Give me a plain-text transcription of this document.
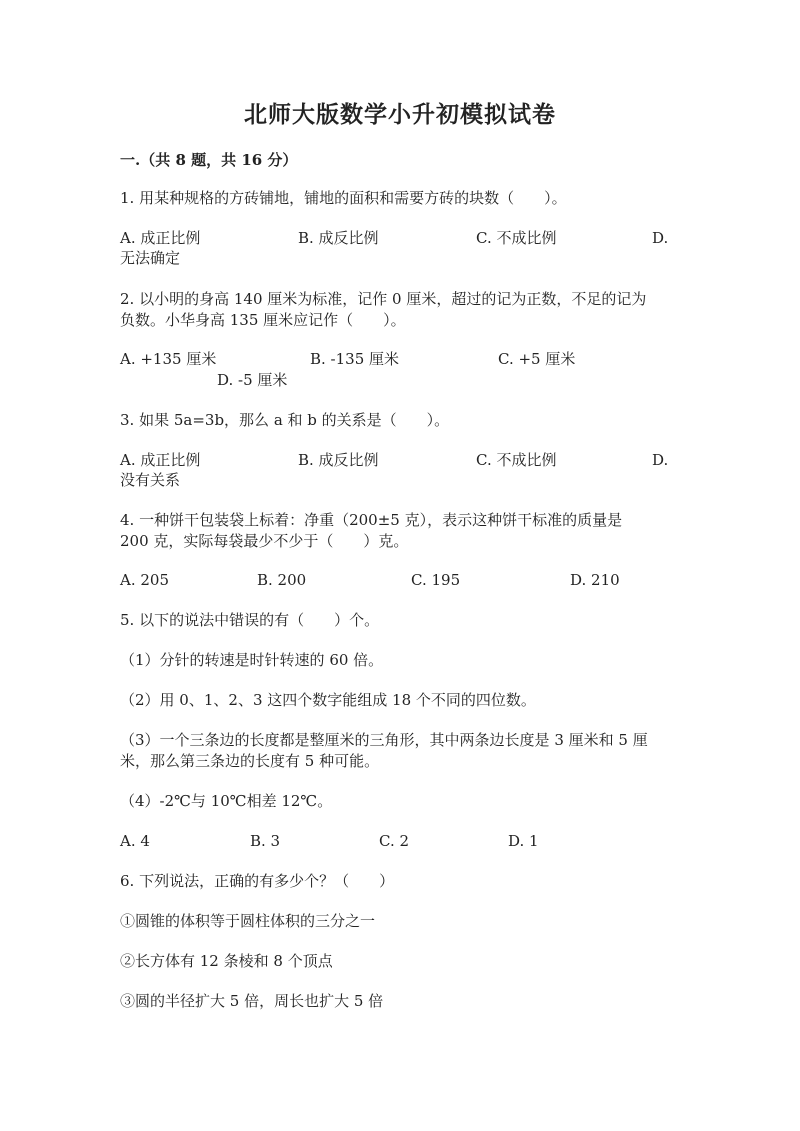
北师大版数学小升初模拟试卷
一.（共 8 题，共 16 分）
1. 用某种规格的方砖铺地，铺地的面积和需要方砖的块数（　　）。
A. 成正比例	B. 成反比例	C. 不成比例	D.
无法确定
2. 以小明的身高 140 厘米为标准，记作 0 厘米，超过的记为正数，不足的记为
负数。小华身高 135 厘米应记作（　　）。
A. +135 厘米	B. -135 厘米	C. +5 厘米
D. -5 厘米
3. 如果 5a=3b，那么 a 和 b 的关系是（　　）。
A. 成正比例	B. 成反比例	C. 不成比例	D.
没有关系
4. 一种饼干包装袋上标着：净重（200±5 克），表示这种饼干标准的质量是
200 克，实际每袋最少不少于（　　）克。
A. 205	B. 200	C. 195	D. 210
5. 以下的说法中错误的有（　　）个。
（1）分针的转速是时针转速的 60 倍。
（2）用 0、1、2、3 这四个数字能组成 18 个不同的四位数。
（3）一个三条边的长度都是整厘米的三角形，其中两条边长度是 3 厘米和 5 厘
米，那么第三条边的长度有 5 种可能。
（4）-2℃与 10℃相差 12℃。
A. 4	B. 3	C. 2	D. 1
6. 下列说法，正确的有多少个？（　　）
①圆锥的体积等于圆柱体积的三分之一
②长方体有 12 条棱和 8 个顶点
③圆的半径扩大 5 倍，周长也扩大 5 倍
